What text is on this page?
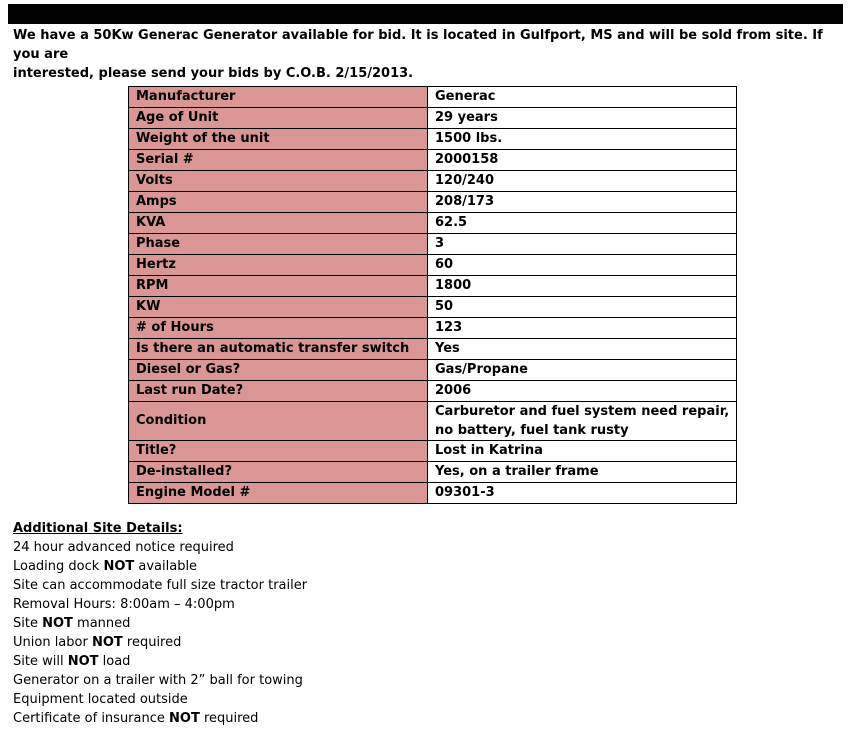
We have a 50Kw Generac Generator available for bid. It is located in Gulfport, MS and will be sold from site. If you are
interested, please send your bids by C.O.B. 2/15/2013.
Manufacturer	Generac
Age of Unit	29 years
Weight of the unit	1500 lbs.
Serial #	2000158
Volts	120/240
Amps	208/173
KVA	62.5
Phase	3
Hertz	60
RPM	1800
KW	50
# of Hours	123
Is there an automatic transfer switch	Yes
Diesel or Gas?	Gas/Propane
Last run Date?	2006
Condition	Carburetor and fuel system need repair,
no battery, fuel tank rusty

Title?	Lost in Katrina
De-installed?	Yes, on a trailer frame
Engine Model #	09301-3
Additional Site Details:
24 hour advanced notice required
Loading dock NOT available
Site can accommodate full size tractor trailer
Removal Hours: 8:00am – 4:00pm
Site NOT manned
Union labor NOT required
Site will NOT load
Generator on a trailer with 2” ball for towing
Equipment located outside
Certificate of insurance NOT required
